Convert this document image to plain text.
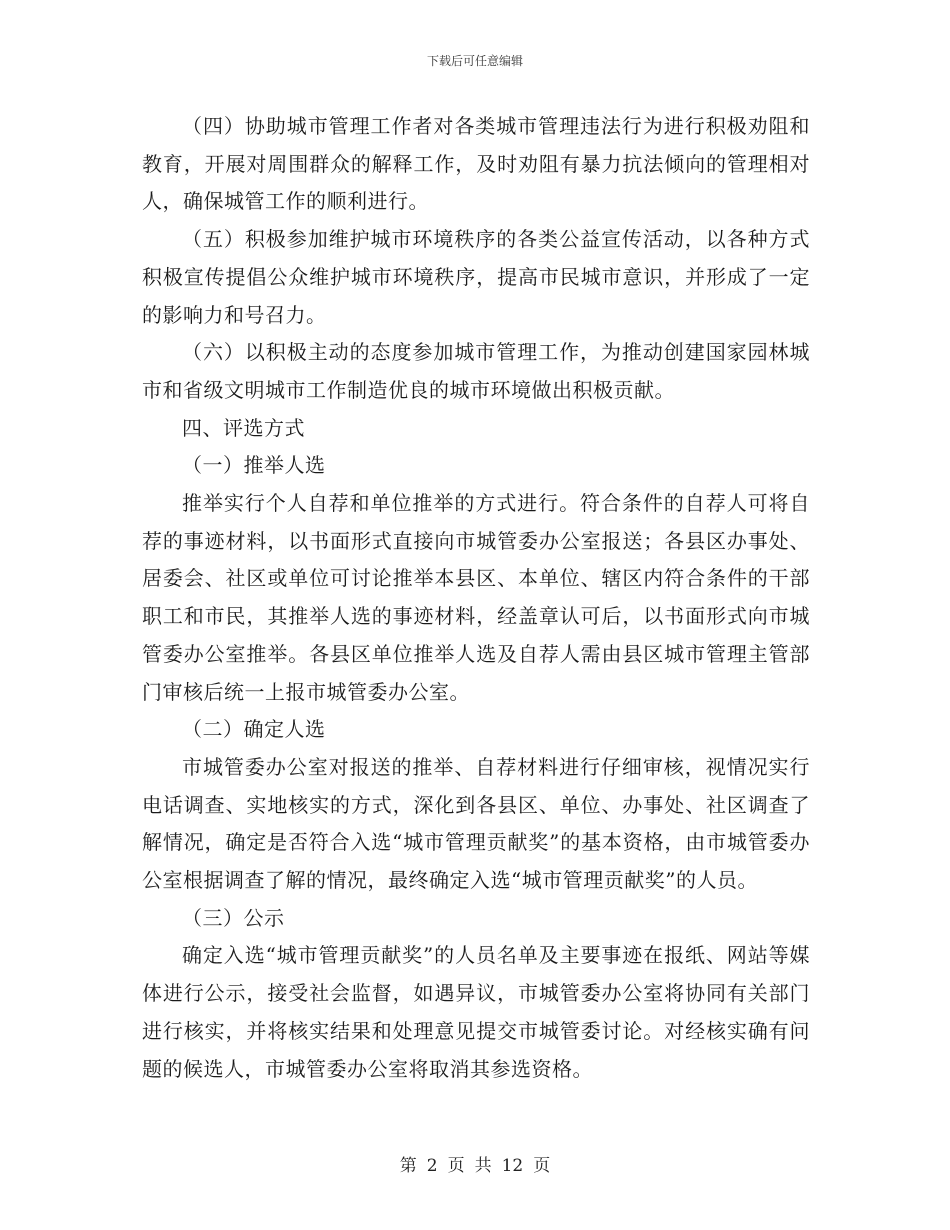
下载后可任意编辑

（四）协助城市管理工作者对各类城市管理违法行为进行积极劝阻和教育，开展对周围群众的解释工作，及时劝阻有暴力抗法倾向的管理相对人，确保城管工作的顺利进行。

（五）积极参加维护城市环境秩序的各类公益宣传活动，以各种方式积极宣传提倡公众维护城市环境秩序，提高市民城市意识，并形成了一定的影响力和号召力。

（六）以积极主动的态度参加城市管理工作，为推动创建国家园林城市和省级文明城市工作制造优良的城市环境做出积极贡献。

四、评选方式

（一）推举人选

推举实行个人自荐和单位推举的方式进行。符合条件的自荐人可将自荐的事迹材料，以书面形式直接向市城管委办公室报送；各县区办事处、居委会、社区或单位可讨论推举本县区、本单位、辖区内符合条件的干部职工和市民，其推举人选的事迹材料，经盖章认可后，以书面形式向市城管委办公室推举。各县区单位推举人选及自荐人需由县区城市管理主管部门审核后统一上报市城管委办公室。

（二）确定人选

市城管委办公室对报送的推举、自荐材料进行仔细审核，视情况实行电话调查、实地核实的方式，深化到各县区、单位、办事处、社区调查了解情况，确定是否符合入选“城市管理贡献奖”的基本资格，由市城管委办公室根据调查了解的情况，最终确定入选“城市管理贡献奖”的人员。

（三）公示

确定入选“城市管理贡献奖”的人员名单及主要事迹在报纸、网站等媒体进行公示，接受社会监督，如遇异议，市城管委办公室将协同有关部门进行核实，并将核实结果和处理意见提交市城管委讨论。对经核实确有问题的候选人，市城管委办公室将取消其参选资格。

第 2 页 共 12 页
